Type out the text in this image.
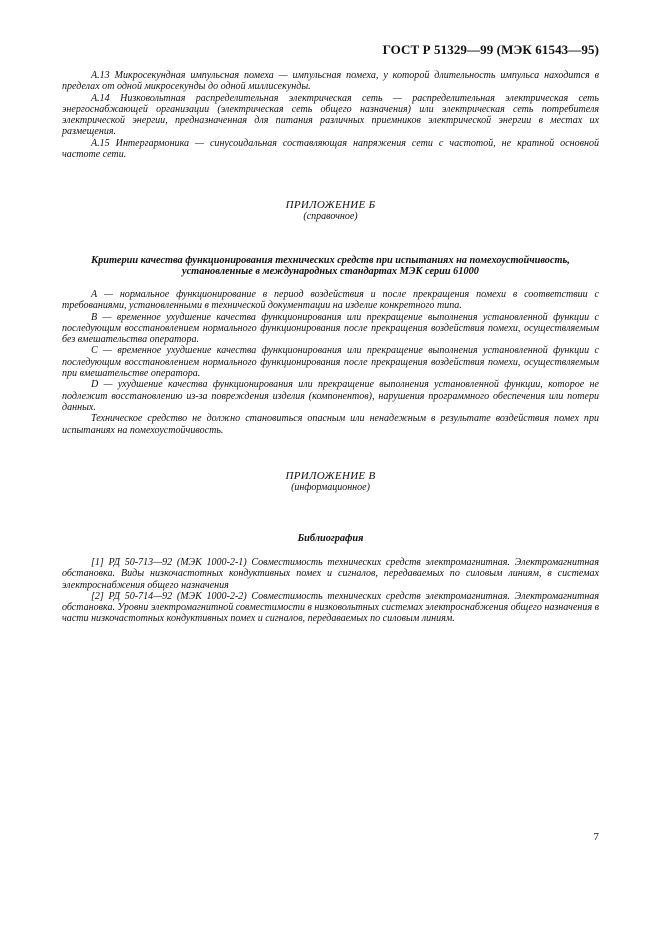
ГОСТ Р 51329—99 (МЭК 61543—95)

А.13 Микросекундная импульсная помеха — импульсная помеха, у которой длительность импульса находится в пределах от одной микросекунды до одной миллисекунды.

А.14 Низковольтная распределительная электрическая сеть — распределительная электрическая сеть энергоснабжающей организации (электрическая сеть общего назначения) или электрическая сеть потребителя электрической энергии, предназначенная для питания различных приемников электрической энергии в местах их размещения.

А.15 Интергармоника — синусоидальная составляющая напряжения сети с частотой, не кратной основной частоте сети.

ПРИЛОЖЕНИЕ Б
(справочное)
Критерии качества функционирования технических средств при испытаниях на помехоустойчивость,
установленные в международных стандартах МЭК серии 61000

А — нормальное функционирование в период воздействия и после прекращения помехи в соответствии с требованиями, установленными в технической документации на изделие конкретного типа.

В — временное ухудшение качества функционирования или прекращение выполнения установленной функции с последующим восстановлением нормального функционирования после прекращения воздействия помехи, осуществляемым без вмешательства оператора.

С — временное ухудшение качества функционирования или прекращение выполнения установленной функции с последующим восстановлением нормального функционирования после прекращения воздействия помехи, осуществляемым при вмешательстве оператора.

D — ухудшение качества функционирования или прекращение выполнения установленной функции, которое не подлежит восстановлению из-за повреждения изделия (компонентов), нарушения программного обеспечения или потери данных.

Техническое средство не должно становиться опасным или ненадежным в результате воздействия помех при испытаниях на помехоустойчивость.

ПРИЛОЖЕНИЕ В
(информационное)
Библиография

[1] РД 50-713—92 (МЭК 1000-2-1) Совместимость технических средств электромагнитная. Электромагнитная обстановка. Виды низкочастотных кондуктивных помех и сигналов, передаваемых по силовым линиям, в системах электроснабжения общего назначения

[2] РД 50-714—92 (МЭК 1000-2-2) Совместимость технических средств электромагнитная. Электромагнитная обстановка. Уровни электромагнитной совместимости в низковольтных системах электроснабжения общего назначения в части низкочастотных кондуктивных помех и сигналов, передаваемых по силовым линиям.

7
